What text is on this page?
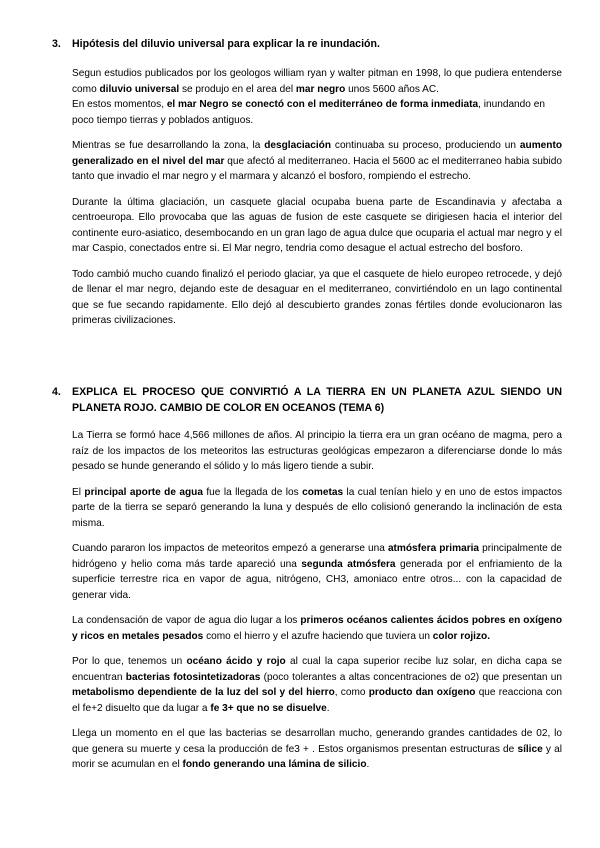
3.	Hipótesis del diluvio universal para explicar la re inundación.

Segun estudios publicados por los geologos william ryan y walter pitman en 1998, lo que pudiera entenderse como diluvio universal se produjo en el area del mar negro unos 5600 años AC.

En estos momentos, el mar Negro se conectó con el mediterráneo de forma inmediata, inundando en poco tiempo tierras y poblados antiguos.

Mientras se fue desarrollando la zona, la desglaciación continuaba su proceso, produciendo un aumento generalizado en el nivel del mar que afectó al mediterraneo. Hacia el 5600 ac el mediterraneo habia subido tanto que invadio el mar negro y el marmara y alcanzó el bosforo, rompiendo el estrecho.

Durante la última glaciación, un casquete glacial ocupaba buena parte de Escandinavia y afectaba a centroeuropa. Ello provocaba que las aguas de fusion de este casquete se dirigiesen hacia el interior del continente euro-asiatico, desembocando en un gran lago de agua dulce que ocuparia el actual mar negro y el mar Caspio, conectados entre si. El Mar negro, tendria como desague el actual estrecho del bosforo.

Todo cambió mucho cuando finalizó el periodo glaciar, ya que el casquete de hielo europeo retrocede, y dejó de llenar el mar negro, dejando este de desaguar en el mediterraneo, convirtiéndolo en un lago continental que se fue secando rapidamente. Ello dejó al descubierto grandes zonas fértiles donde evolucionaron las primeras civilizaciones.

4.	EXPLICA EL PROCESO QUE CONVIRTIÓ A LA TIERRA EN UN PLANETA AZUL SIENDO UN PLANETA ROJO. CAMBIO DE COLOR EN OCEANOS (TEMA 6)

La Tierra se formó hace 4,566 millones de años. Al principio la tierra era un gran océano de magma, pero a raíz de los impactos de los meteoritos las estructuras geológicas empezaron a diferenciarse donde lo más pesado se hunde generando el sólido y lo más ligero tiende a subir.

El principal aporte de agua fue la llegada de los cometas la cual tenían hielo y en uno de estos impactos parte de la tierra se separó generando la luna y después de ello colisionó generando la inclinación de esta misma.

Cuando pararon los impactos de meteoritos empezó a generarse una atmósfera primaria principalmente de hidrógeno y helio coma más tarde apareció una segunda atmósfera generada por el enfriamiento de la superficie terrestre rica en vapor de agua, nitrógeno, CH3, amoniaco entre otros... con la capacidad de generar vida.

La condensación de vapor de agua dio lugar a los primeros océanos calientes ácidos pobres en oxígeno y ricos en metales pesados como el hierro y el azufre haciendo que tuviera un color rojizo.

Por lo que, tenemos un océano ácido y rojo al cual la capa superior recibe luz solar, en dicha capa se encuentran bacterias fotosintetizadoras (poco tolerantes a altas concentraciones de o2) que presentan un metabolismo dependiente de la luz del sol y del hierro, como producto dan oxígeno que reacciona con el fe+2 disuelto que da lugar a fe 3+ que no se disuelve.

Llega un momento en el que las bacterias se desarrollan mucho, generando grandes cantidades de 02, lo que genera su muerte y cesa la producción de fe3 + . Estos organismos presentan estructuras de sílice y al morir se acumulan en el fondo generando una lámina de silicio.
